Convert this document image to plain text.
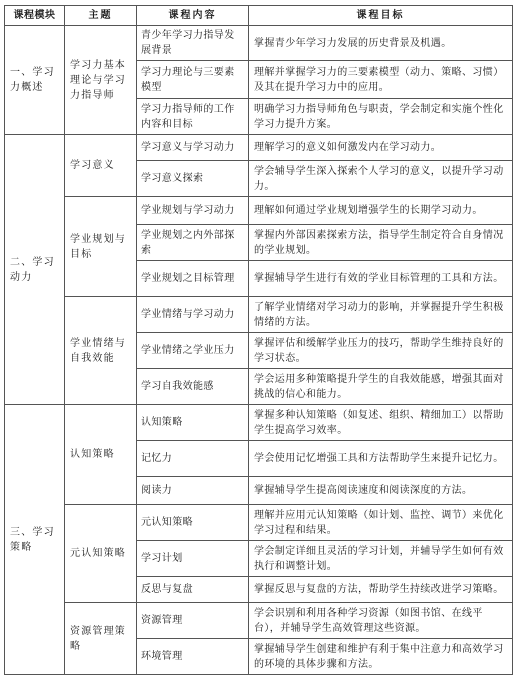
课程模块	主题	课程内容	课程目标
一、学习力概述	学习力基本理论与学习力指导师	青少年学习力指导发展背景	掌握青少年学习力发展的历史背景及机遇。
		学习力理论与三要素模型	理解并掌握学习力的三要素模型（动力、策略、习惯）及其在提升学习力中的应用。
		学习力指导师的工作内容和目标	明确学习力指导师角色与职责，学会制定和实施个性化学习力提升方案。
二、学习动力	学习意义	学习意义与学习动力	理解学习的意义如何激发内在学习动力。
		学习意义探索	学会辅导学生深入探索个人学习的意义，以提升学习动力。
	学业规划与目标	学业规划与学习动力	理解如何通过学业规划增强学生的长期学习动力。
		学业规划之内外部探索	掌握内外部因素探索方法，指导学生制定符合自身情况的学业规划。
		学业规划之目标管理	掌握辅导学生进行有效的学业目标管理的工具和方法。
	学业情绪与自我效能	学业情绪与学习动力	了解学业情绪对学习动力的影响，并掌握提升学生积极情绪的方法。
		学业情绪之学业压力	掌握评估和缓解学业压力的技巧，帮助学生维持良好的学习状态。
		学习自我效能感	学会运用多种策略提升学生的自我效能感，增强其面对挑战的信心和能力。
三、学习策略	认知策略	认知策略	掌握多种认知策略（如复述、组织、精细加工）以帮助学生提高学习效率。
		记忆力	学会使用记忆增强工具和方法帮助学生来提升记忆力。
		阅读力	掌握辅导学生提高阅读速度和阅读深度的方法。
	元认知策略	元认知策略	理解并应用元认知策略（如计划、监控、调节）来优化学习过程和结果。
		学习计划	学会制定详细且灵活的学习计划，并辅导学生如何有效执行和调整计划。
		反思与复盘	掌握反思与复盘的方法，帮助学生持续改进学习策略。
	资源管理策略	资源管理	学会识别和利用各种学习资源（如图书馆、在线平台），并辅导学生高效管理这些资源。
		环境管理	掌握辅导学生创建和维护有利于集中注意力和高效学习的环境的具体步骤和方法。
